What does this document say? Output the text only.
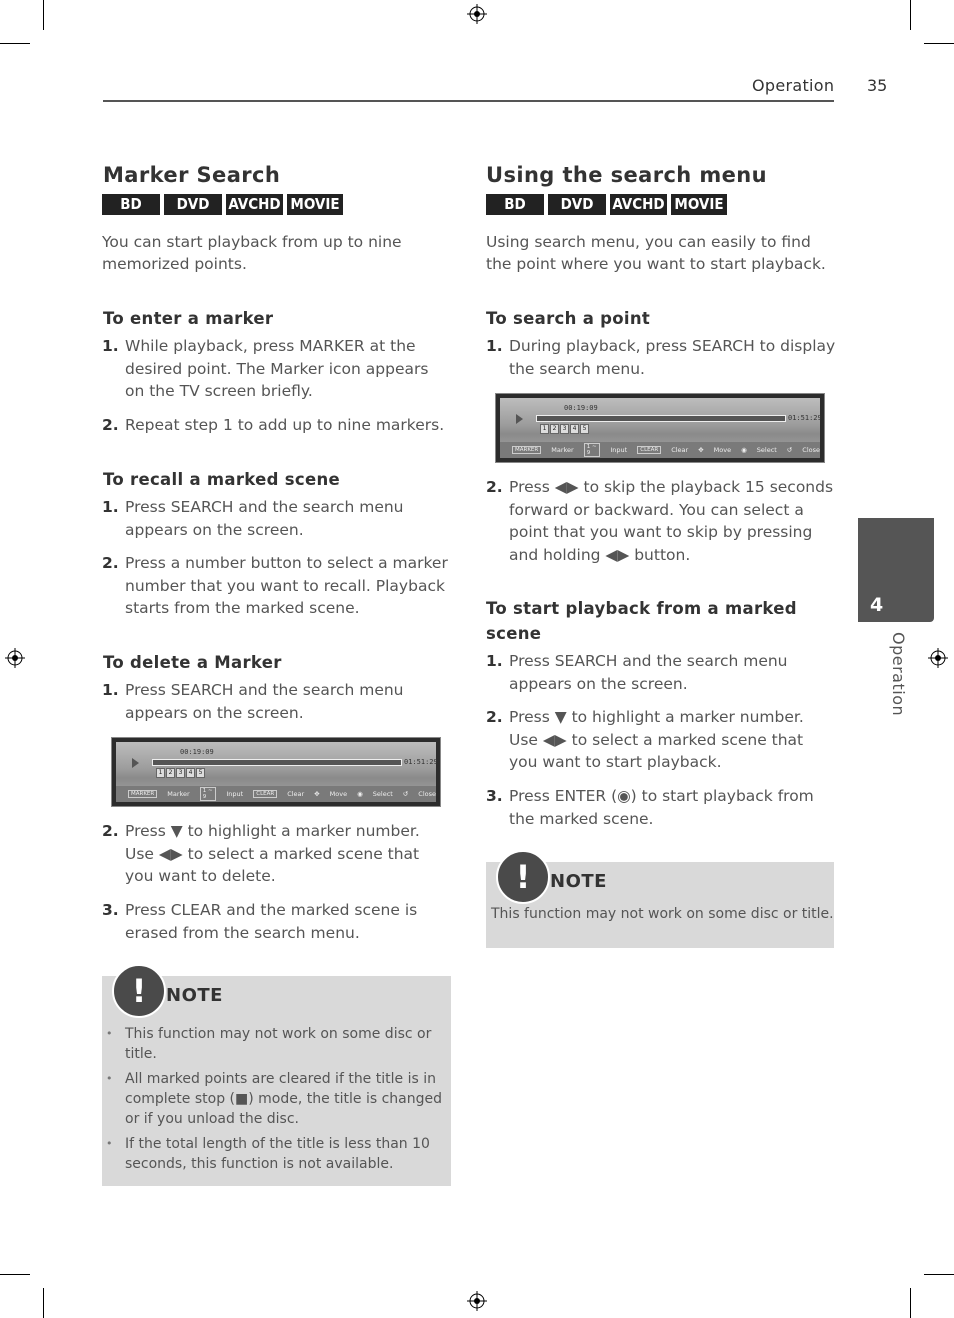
Operation 35
4
Operation
Marker Search
BD	DVD	AVCHD MOVIE
You can start playback from up to nine memorized points.
To enter a marker
1. While playback, press MARKER at the desired point. The Marker icon appears on the TV screen briefly.
2. Repeat step 1 to add up to nine markers.
To recall a marked scene
1. Press SEARCH and the search menu appears on the screen.
2. Press a number button to select a marker number that you want to recall. Playback starts from the marked scene.
To delete a Marker
1. Press SEARCH and the search menu appears on the screen.
00:19:09
01:51:29
1	2	3	4	5
MARKER	Marker	1 ~ 9	Input	CLEAR	Clear ✥ Move ◉ Select ↺ Close
2. Press ▼ to highlight a marker number. Use ◀▶ to select a marked scene that you want to delete.
3. Press CLEAR and the marked scene is erased from the search menu.
!	NOTE
• This function may not work on some disc or title.
• All marked points are cleared if the title is in complete stop (■) mode, the title is changed or if you unload the disc.
• If the total length of the title is less than 10 seconds, this function is not available.
Using the search menu
BD	DVD	AVCHD MOVIE
Using search menu, you can easily to find the point where you want to start playback.
To search a point
1. During playback, press SEARCH to display the search menu.
00:19:09
01:51:29
1	2	3	4	5
MARKER	Marker	1 ~ 9	Input	CLEAR	Clear ✥ Move ◉ Select ↺ Close
2. Press ◀▶ to skip the playback 15 seconds forward or backward. You can select a point that you want to skip by pressing and holding ◀▶ button.
To start playback from a marked scene
1. Press SEARCH and the search menu appears on the screen.
2. Press ▼ to highlight a marker number. Use ◀▶ to select a marked scene that you want to start playback.
3. Press ENTER (◉) to start playback from the marked scene.
!	NOTE
This function may not work on some disc or title.
